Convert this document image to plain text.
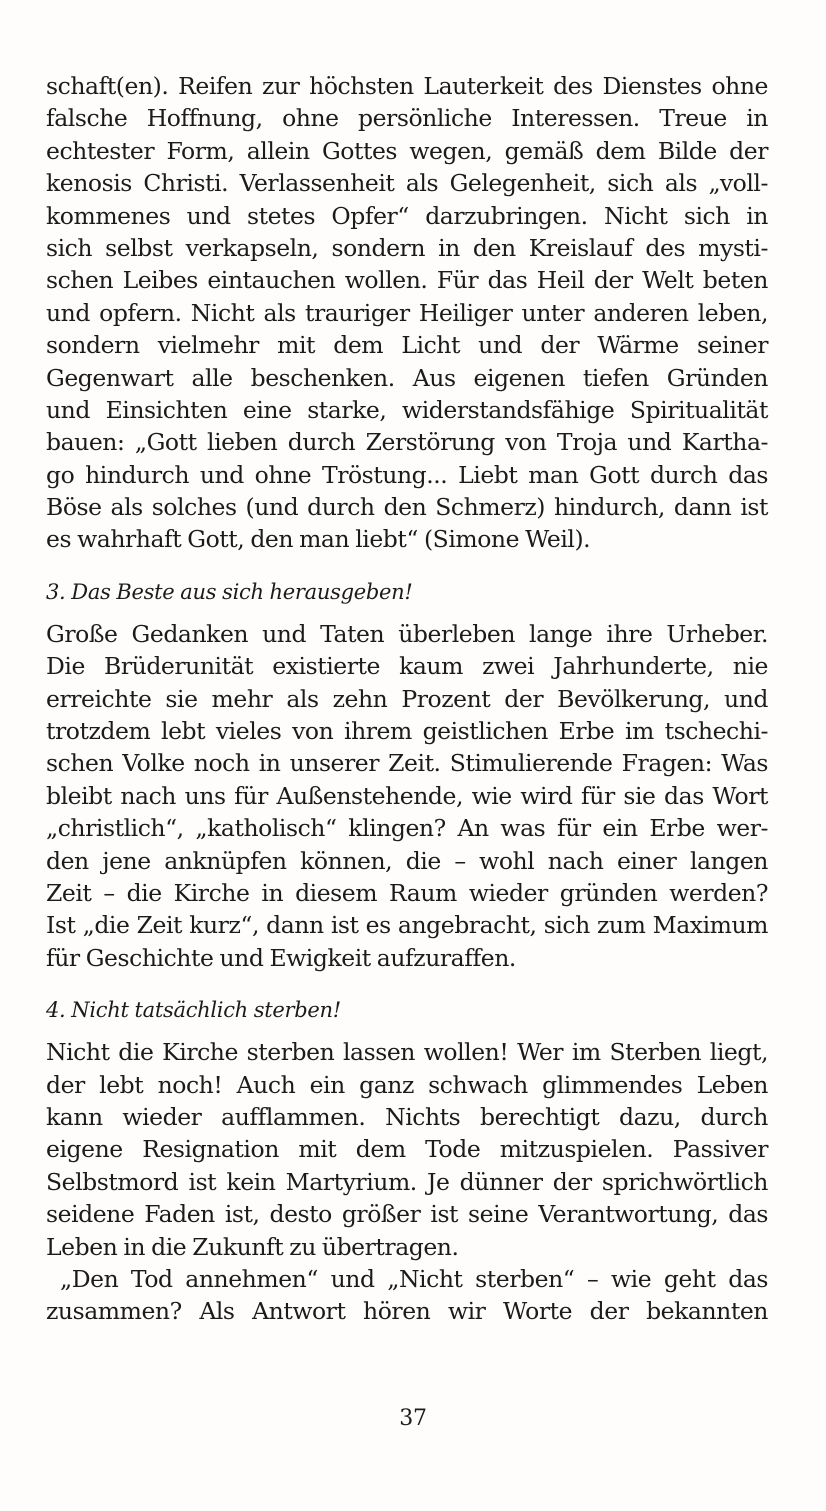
schaft(en). Reifen zur höchsten Lauterkeit des Dienstes ohne
falsche Hoffnung, ohne persönliche Interessen. Treue in
echtester Form, allein Gottes wegen, gemäß dem Bilde der
kenosis Christi. Verlassenheit als Gelegenheit, sich als „voll-
kommenes und stetes Opfer“ darzubringen. Nicht sich in
sich selbst verkapseln, sondern in den Kreislauf des mysti-
schen Leibes eintauchen wollen. Für das Heil der Welt beten
und opfern. Nicht als trauriger Heiliger unter anderen leben,
sondern vielmehr mit dem Licht und der Wärme seiner
Gegenwart alle beschenken. Aus eigenen tiefen Gründen
und Einsichten eine starke, widerstandsfähige Spiritualität
bauen: „Gott lieben durch Zerstörung von Troja und Kartha-
go hindurch und ohne Tröstung... Liebt man Gott durch das
Böse als solches (und durch den Schmerz) hindurch, dann ist
es wahrhaft Gott, den man liebt“ (Simone Weil).
3. Das Beste aus sich herausgeben!
Große Gedanken und Taten überleben lange ihre Urheber.
Die Brüderunität existierte kaum zwei Jahrhunderte, nie
erreichte sie mehr als zehn Prozent der Bevölkerung, und
trotzdem lebt vieles von ihrem geistlichen Erbe im tschechi-
schen Volke noch in unserer Zeit. Stimulierende Fragen: Was
bleibt nach uns für Außenstehende, wie wird für sie das Wort
„christlich“, „katholisch“ klingen? An was für ein Erbe wer-
den jene anknüpfen können, die – wohl nach einer langen
Zeit – die Kirche in diesem Raum wieder gründen werden?
Ist „die Zeit kurz“, dann ist es angebracht, sich zum Maximum
für Geschichte und Ewigkeit aufzuraffen.
4. Nicht tatsächlich sterben!
Nicht die Kirche sterben lassen wollen! Wer im Sterben liegt,
der lebt noch! Auch ein ganz schwach glimmendes Leben
kann wieder aufflammen. Nichts berechtigt dazu, durch
eigene Resignation mit dem Tode mitzuspielen. Passiver
Selbstmord ist kein Martyrium. Je dünner der sprichwörtlich
seidene Faden ist, desto größer ist seine Verantwortung, das
Leben in die Zukunft zu übertragen.
„Den Tod annehmen“ und „Nicht sterben“ – wie geht das
zusammen? Als Antwort hören wir Worte der bekannten
37
